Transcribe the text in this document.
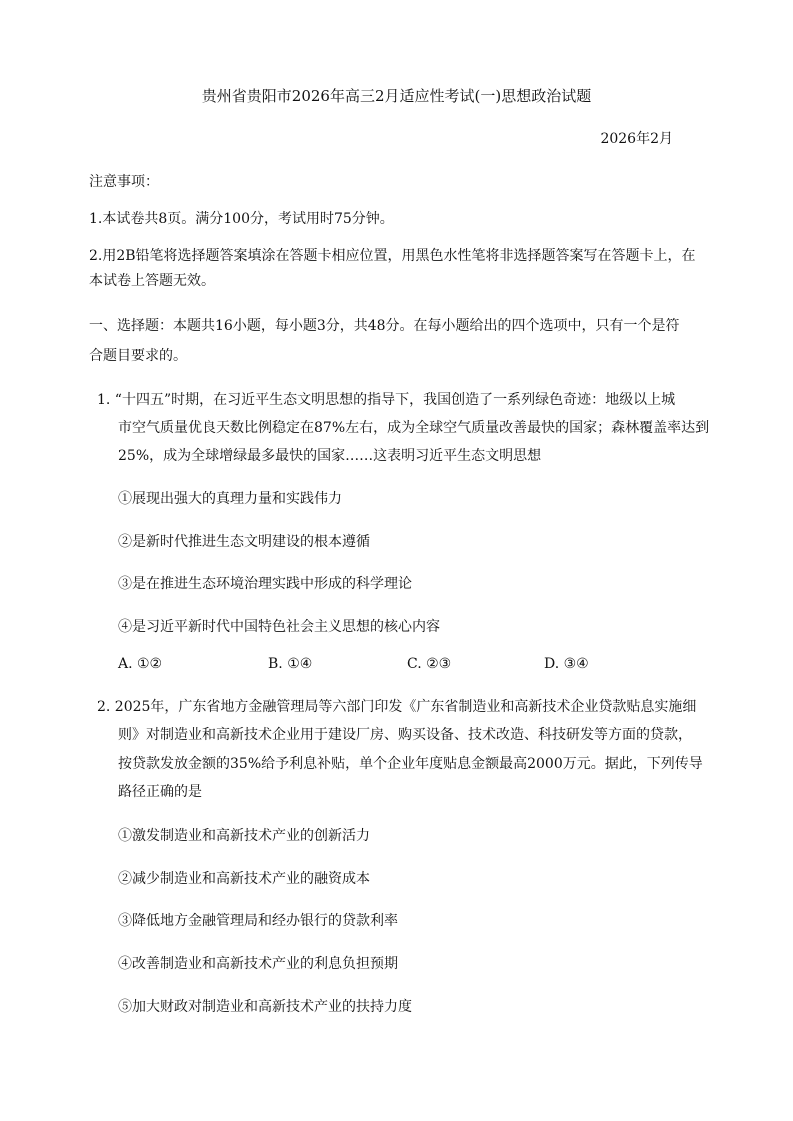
贵州省贵阳市2026年高三2月适应性考试(一)思想政治试题
2026年2月
注意事项：
1.本试卷共8页。满分100分，考试用时75分钟。
2.用2B铅笔将选择题答案填涂在答题卡相应位置，用黑色水性笔将非选择题答案写在答题卡上，在
本试卷上答题无效。
一、选择题：本题共16小题，每小题3分，共48分。在每小题给出的四个选项中，只有一个是符
合题目要求的。
1. “十四五”时期，在习近平生态文明思想的指导下，我国创造了一系列绿色奇迹：地级以上城
市空气质量优良天数比例稳定在87%左右，成为全球空气质量改善最快的国家；森林覆盖率达到
25%，成为全球增绿最多最快的国家……这表明习近平生态文明思想
①展现出强大的真理力量和实践伟力
②是新时代推进生态文明建设的根本遵循
③是在推进生态环境治理实践中形成的科学理论
④是习近平新时代中国特色社会主义思想的核心内容
A. ①②	B. ①④	C. ②③	D. ③④
2. 2025年，广东省地方金融管理局等六部门印发《广东省制造业和高新技术企业贷款贴息实施细
则》对制造业和高新技术企业用于建设厂房、购买设备、技术改造、科技研发等方面的贷款，
按贷款发放金额的35%给予利息补贴，单个企业年度贴息金额最高2000万元。据此，下列传导
路径正确的是
①激发制造业和高新技术产业的创新活力
②减少制造业和高新技术产业的融资成本
③降低地方金融管理局和经办银行的贷款利率
④改善制造业和高新技术产业的利息负担预期
⑤加大财政对制造业和高新技术产业的扶持力度
